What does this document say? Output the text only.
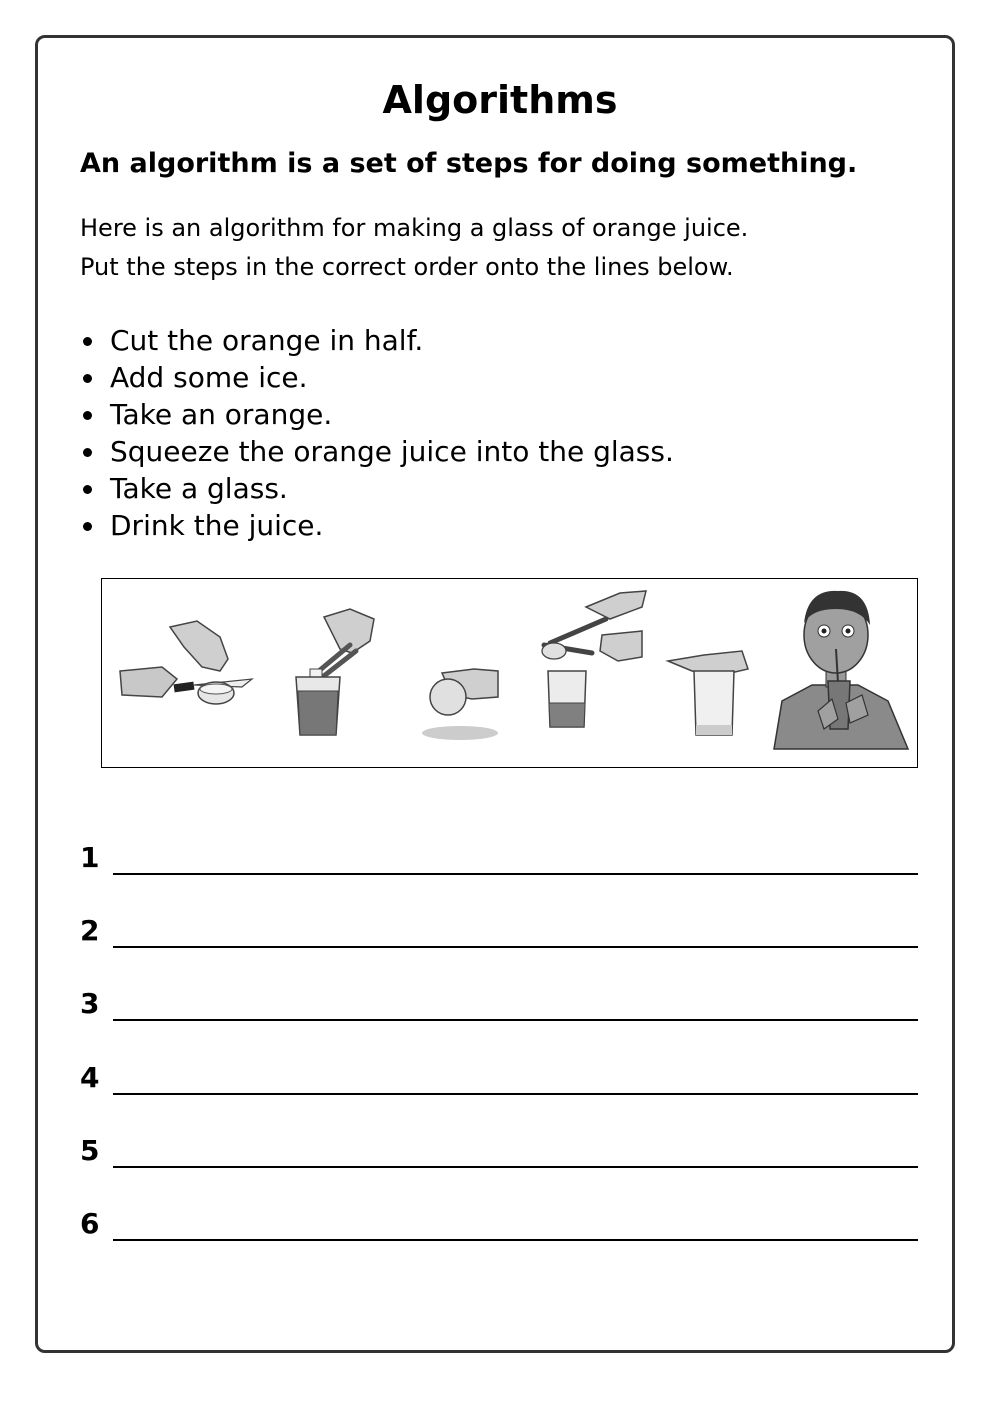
Algorithms

An algorithm is a set of steps for doing something.

Here is an algorithm for making a glass of orange juice.

Put the steps in the correct order onto the lines below.

Cut the orange in half.
Add some ice.
Take an orange.
Squeeze the orange juice into the glass.
Take a glass.
Drink the juice.
1
2
3
4
5
6
